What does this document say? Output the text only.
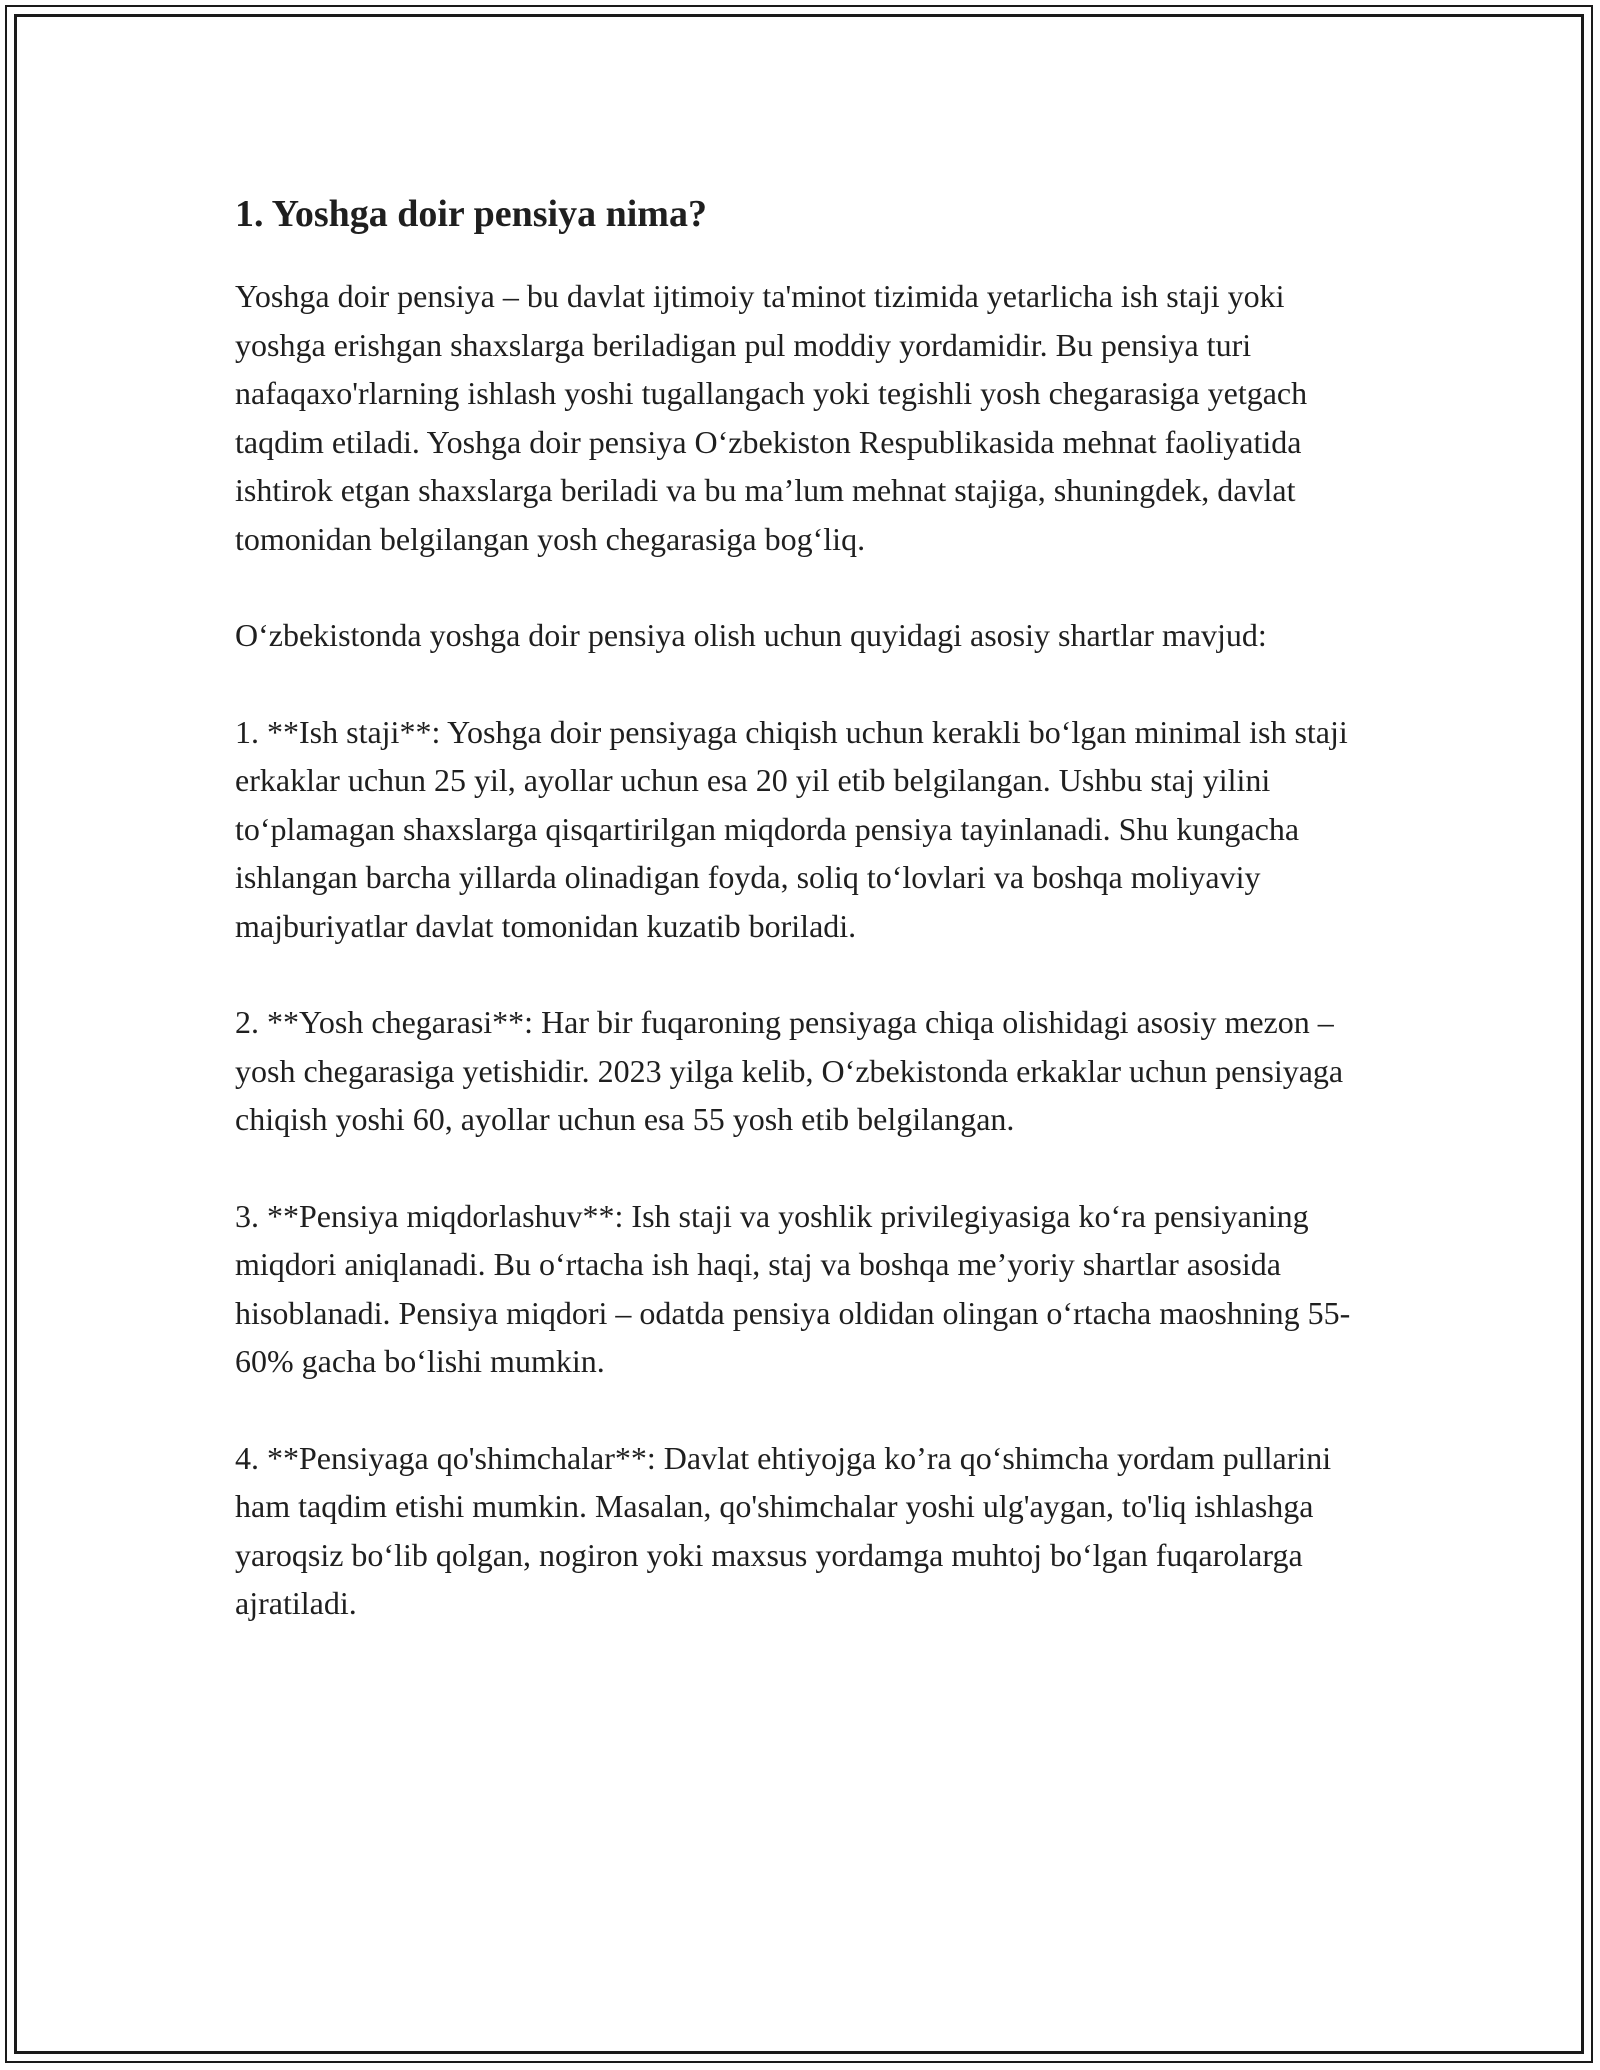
1. Yoshga doir pensiya nima?

Yoshga doir pensiya – bu davlat ijtimoiy ta'minot tizimida yetarlicha ish staji yoki yoshga erishgan shaxslarga beriladigan pul moddiy yordamidir. Bu pensiya turi nafaqaxo'rlarning ishlash yoshi tugallangach yoki tegishli yosh chegarasiga yetgach taqdim etiladi. Yoshga doir pensiya O‘zbekiston Respublikasida mehnat faoliyatida ishtirok etgan shaxslarga beriladi va bu ma’lum mehnat stajiga, shuningdek, davlat tomonidan belgilangan yosh chegarasiga bog‘liq.

O‘zbekistonda yoshga doir pensiya olish uchun quyidagi asosiy shartlar mavjud:

1. **Ish staji**: Yoshga doir pensiyaga chiqish uchun kerakli bo‘lgan minimal ish staji erkaklar uchun 25 yil, ayollar uchun esa 20 yil etib belgilangan. Ushbu staj yilini to‘plamagan shaxslarga qisqartirilgan miqdorda pensiya tayinlanadi. Shu kungacha ishlangan barcha yillarda olinadigan foyda, soliq to‘lovlari va boshqa moliyaviy majburiyatlar davlat tomonidan kuzatib boriladi.

2. **Yosh chegarasi**: Har bir fuqaroning pensiyaga chiqa olishidagi asosiy mezon – yosh chegarasiga yetishidir. 2023 yilga kelib, O‘zbekistonda erkaklar uchun pensiyaga chiqish yoshi 60, ayollar uchun esa 55 yosh etib belgilangan.

3. **Pensiya miqdorlashuv**: Ish staji va yoshlik privilegiyasiga ko‘ra pensiyaning miqdori aniqlanadi. Bu o‘rtacha ish haqi, staj va boshqa me’yoriy shartlar asosida hisoblanadi. Pensiya miqdori – odatda pensiya oldidan olingan o‘rtacha maoshning 55-60% gacha bo‘lishi mumkin.

4. **Pensiyaga qo'shimchalar**: Davlat ehtiyojga ko’ra qo‘shimcha yordam pullarini ham taqdim etishi mumkin. Masalan, qo'shimchalar yoshi ulg'aygan, to'liq ishlashga yaroqsiz bo‘lib qolgan, nogiron yoki maxsus yordamga muhtoj bo‘lgan fuqarolarga ajratiladi.
